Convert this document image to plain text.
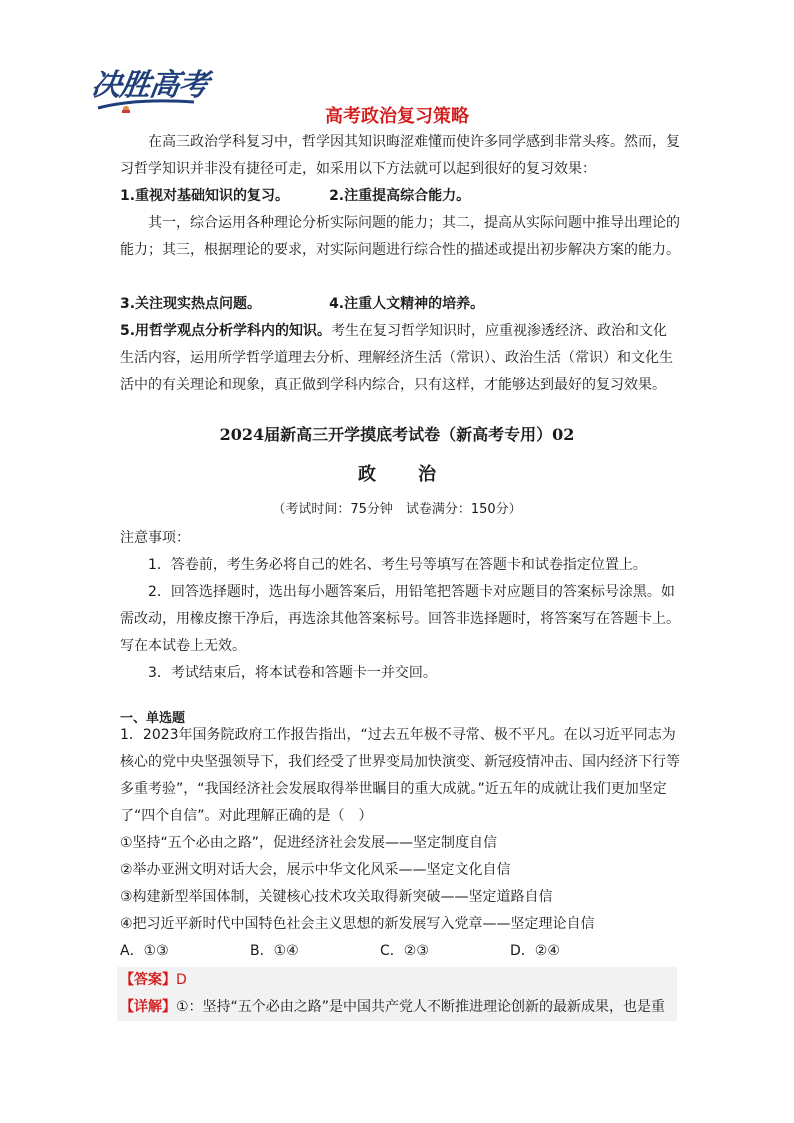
决胜高考
高考政治复习策略

在高三政治学科复习中，哲学因其知识晦涩难懂而使许多同学感到非常头疼。然而，复习哲学知识并非没有捷径可走，如采用以下方法就可以起到很好的复习效果：

1.重视对基础知识的复习。	2.注重提高综合能力。

其一，综合运用各种理论分析实际问题的能力；其二，提高从实际问题中推导出理论的能力；其三，根据理论的要求，对实际问题进行综合性的描述或提出初步解决方案的能力。

3.关注现实热点问题。	4.注重人文精神的培养。

5.用哲学观点分析学科内的知识。考生在复习哲学知识时，应重视渗透经济、政治和文化生活内容，运用所学哲学道理去分析、理解经济生活（常识）、政治生活（常识）和文化生活中的有关理论和现象，真正做到学科内综合，只有这样，才能够达到最好的复习效果。

2024届新高三开学摸底考试卷（新高考专用）02
政治
（考试时间：75分钟　试卷满分：150分）

注意事项：

1．答卷前，考生务必将自己的姓名、考生号等填写在答题卡和试卷指定位置上。

2．回答选择题时，选出每小题答案后，用铅笔把答题卡对应题目的答案标号涂黑。如需改动，用橡皮擦干净后，再选涂其他答案标号。回答非选择题时，将答案写在答题卡上。写在本试卷上无效。

3．考试结束后，将本试卷和答题卡一并交回。

一、单选题

1．2023年国务院政府工作报告指出，“过去五年极不寻常、极不平凡。在以习近平同志为核心的党中央坚强领导下，我们经受了世界变局加快演变、新冠疫情冲击、国内经济下行等多重考验”，“我国经济社会发展取得举世瞩目的重大成就。”近五年的成就让我们更加坚定了“四个自信”。对此理解正确的是（　）

①坚持“五个必由之路”，促进经济社会发展——坚定制度自信

②举办亚洲文明对话大会，展示中华文化风采——坚定文化自信

③构建新型举国体制，关键核心技术攻关取得新突破——坚定道路自信

④把习近平新时代中国特色社会主义思想的新发展写入党章——坚定理论自信

A．①③	B．①④	C．②③	D．②④

【答案】D

【详解】①：坚持“五个必由之路”是中国共产党人不断推进理论创新的最新成果，也是重
